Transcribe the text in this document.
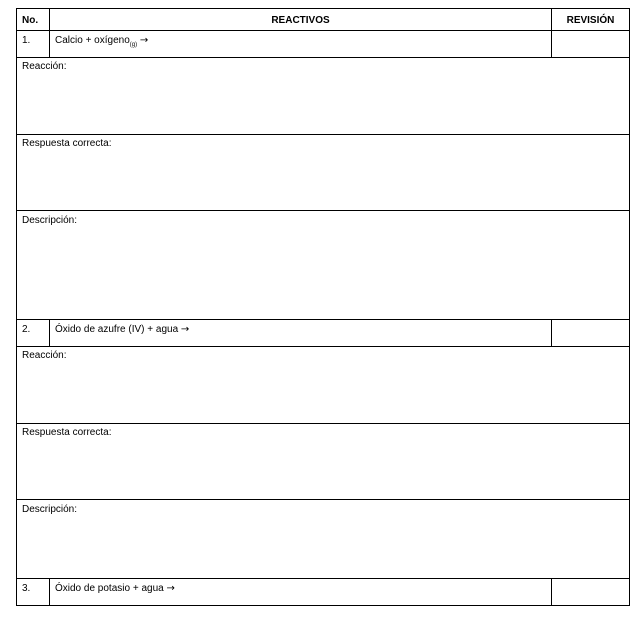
No.	REACTIVOS	REVISIÓN
1.	Calcio + oxígeno$_{(g)}$ →	
Reacción:		
Respuesta correcta:		
Descripción:		
2.	Óxido de azufre (IV) + agua →	
Reacción:		
Respuesta correcta:		
Descripción:		
3.	Óxido de potasio + agua →	
